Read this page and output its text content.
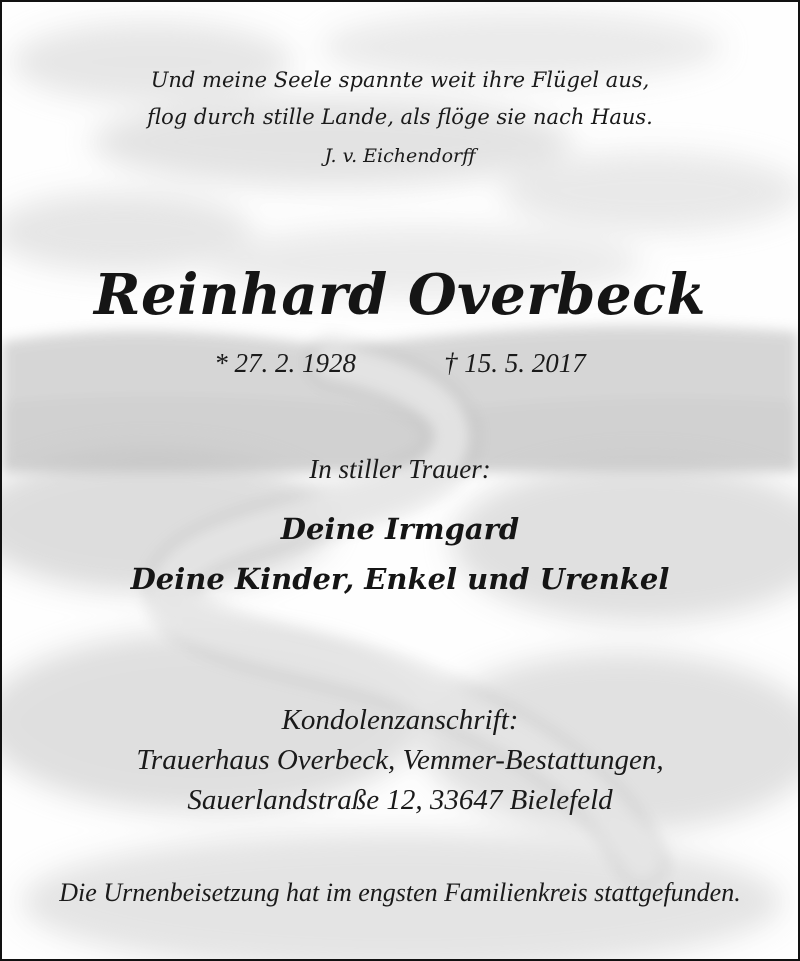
Und meine Seele spannte weit ihre Flügel aus,
flog durch stille Lande, als flöge sie nach Haus.
J. v. Eichendorff
Reinhard Overbeck
* 27. 2. 1928	† 15. 5. 2017
In stiller Trauer:
Deine Irmgard
Deine Kinder, Enkel und Urenkel
Kondolenzanschrift:
Trauerhaus Overbeck, Vemmer-Bestattungen,
Sauerlandstraße 12, 33647 Bielefeld
Die Urnenbeisetzung hat im engsten Familienkreis stattgefunden.
